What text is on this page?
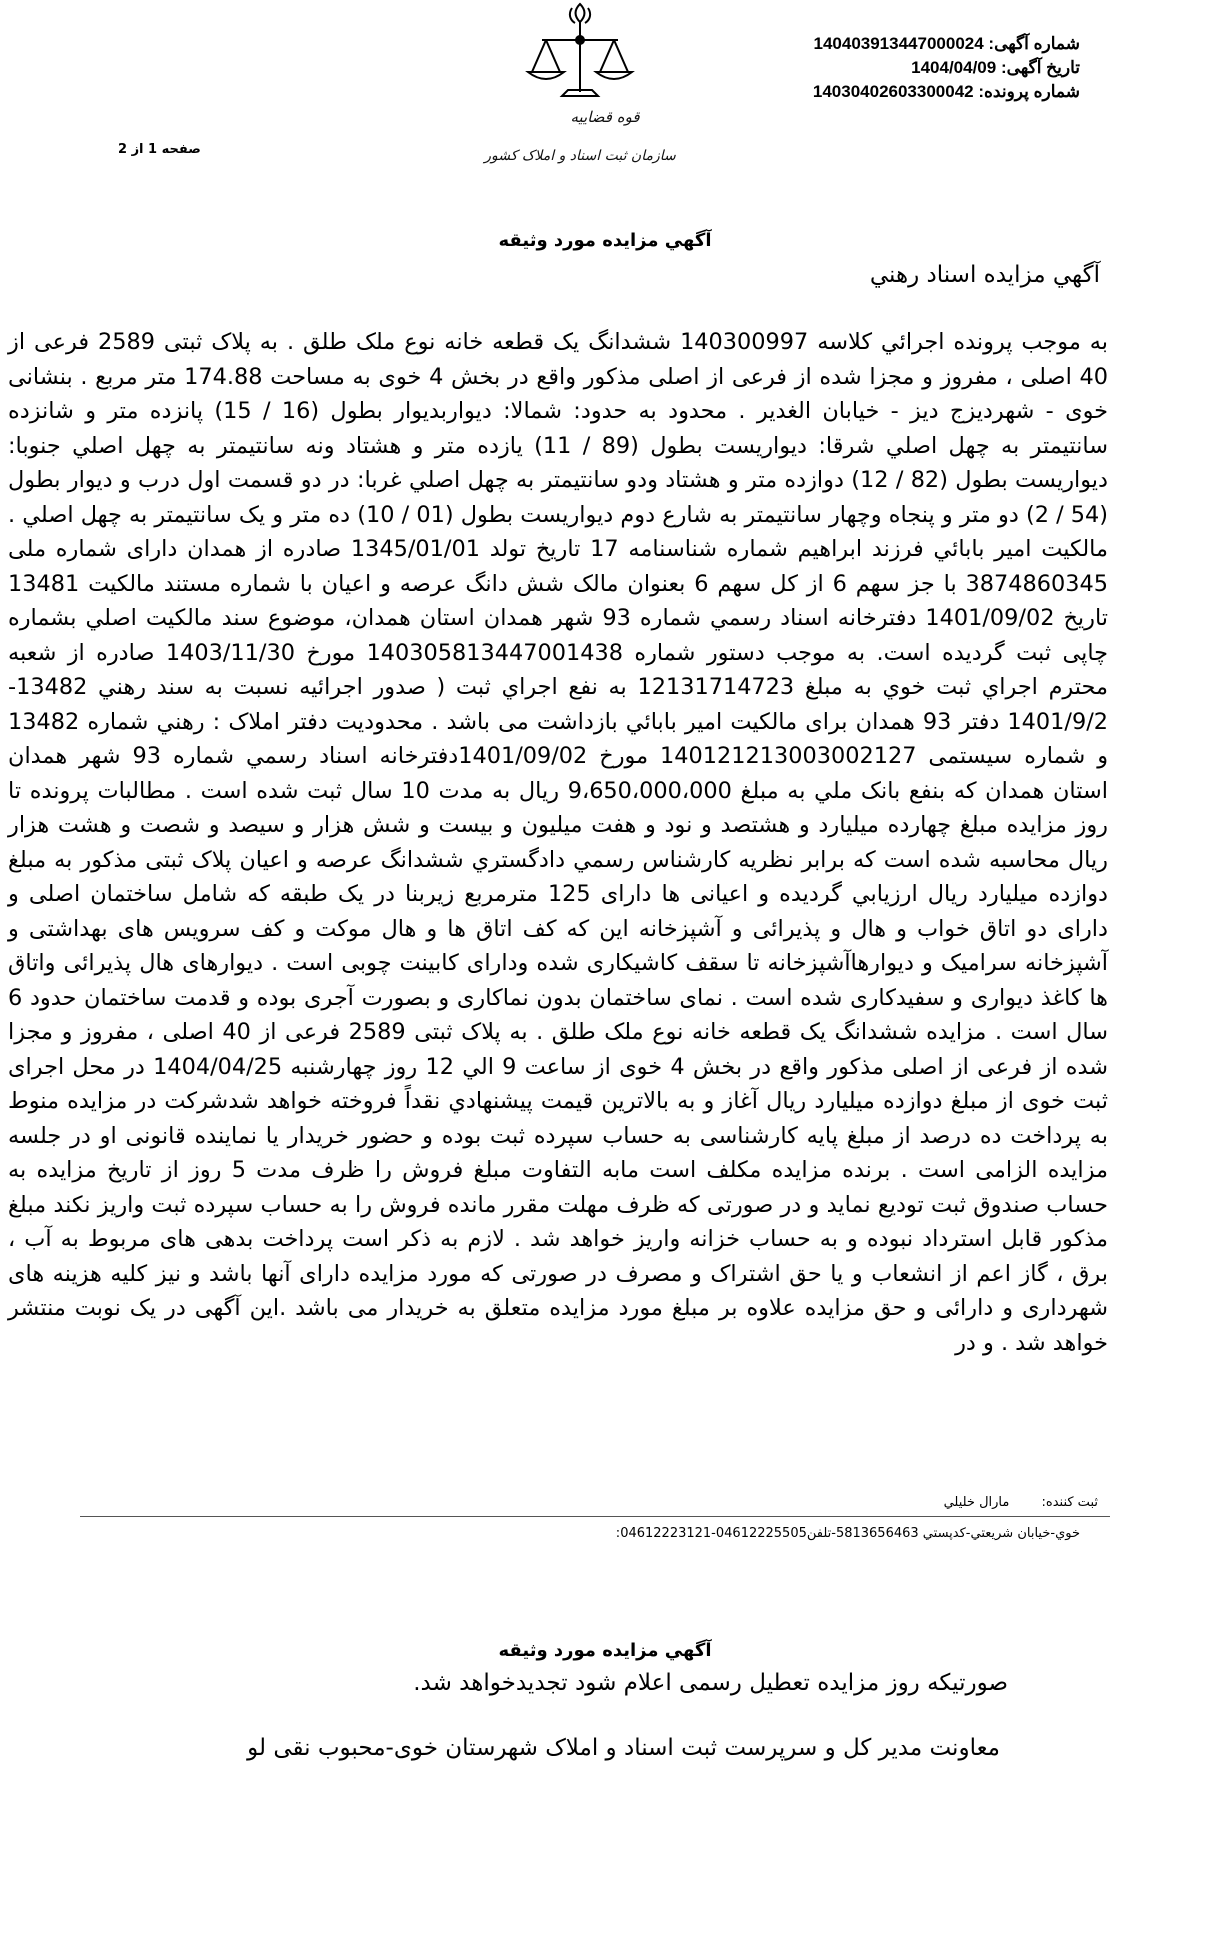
شماره آگهی: 140403913447000024
تاریخ آگهی: 1404/04/09
شماره پرونده: 14030402603300042
قوه قضاییه
سازمان ثبت اسناد و املاک کشور
صفحه 1 از 2
آگهي مزايده مورد وثيقه
آگهي مزايده اسناد رهني
به موجب پرونده اجرائي كلاسه 140300997 ششدانگ يک قطعه خانه نوع ملک طلق . به پلاک ثبتی 2589 فرعی از 40 اصلی ، مفروز و مجزا شده از فرعی از اصلی مذکور واقع در بخش 4 خوی به مساحت 174.88 متر مربع . بنشانی خوی - شهردیزج دیز - خیابان الغدیر . محدود به حدود: شمالا: دیواربدیوار بطول (16 / 15) پانزده متر و شانزده سانتيمتر به چهل اصلي شرقا: ديواريست بطول (89 / 11) يازده متر و هشتاد ونه سانتيمتر به چهل اصلي جنوبا: ديواريست بطول (82 / 12) دوازده متر و هشتاد ودو سانتيمتر به چهل اصلي غربا: در دو قسمت اول درب و ديوار بطول (54 / 2) دو متر و پنجاه وچهار سانتيمتر به شارع دوم ديواريست بطول (01 / 10) ده متر و يک سانتيمتر به چهل اصلي . مالکيت امير بابائي فرزند ابراهيم شماره شناسنامه 17 تاريخ تولد 1345/01/01 صادره از همدان دارای شماره ملی 3874860345 با جز سهم 6 از کل سهم 6 بعنوان مالک شش دانگ عرصه و اعيان با شماره مستند مالکيت 13481 تاريخ 1401/09/02 دفترخانه اسناد رسمي شماره 93 شهر همدان استان همدان، موضوع سند مالکيت اصلي بشماره چاپی ثبت گرديده است. به موجب دستور شماره 140305813447001438 مورخ 1403/11/30 صادره از شعبه محترم اجراي ثبت خوي به مبلغ 12131714723 به نفع اجراي ثبت ( صدور اجرائيه نسبت به سند رهني 13482-1401/9/2 دفتر 93 همدان برای مالکيت امير بابائي بازداشت می باشد . محدوديت دفتر املاک : رهني شماره 13482 و شماره سيستمی 140121213003002127 مورخ 1401/09/02دفترخانه اسناد رسمي شماره 93 شهر همدان استان همدان كه بنفع بانک ملي به مبلغ 9،650،000،000 ريال به مدت 10 سال ثبت شده است . مطالبات پرونده تا روز مزايده مبلغ چهارده ميليارد و هشتصد و نود و هفت ميليون و بيست و شش هزار و سيصد و شصت و هشت هزار ريال محاسبه شده است كه برابر نظريه كارشناس رسمي دادگستري ششدانگ عرصه و اعيان پلاک ثبتی مذكور به مبلغ دوازده ميليارد ريال ارزيابي گرديده و اعيانی ها دارای 125 مترمربع زيربنا در يک طبقه كه شامل ساختمان اصلی و دارای دو اتاق خواب و هال و پذيرائی و آشپزخانه اين كه كف اتاق ها و هال موكت و كف سرويس های بهداشتی و آشپزخانه سراميک و ديوارهاآشپزخانه تا سقف كاشيكاری شده ودارای كابينت چوبی است . ديوارهای هال پذيرائی واتاق ها كاغذ ديواری و سفيدكاری شده است . نمای ساختمان بدون نماكاری و بصورت آجری بوده و قدمت ساختمان حدود 6 سال است . مزايده ششدانگ يک قطعه خانه نوع ملک طلق . به پلاک ثبتی 2589 فرعی از 40 اصلی ، مفروز و مجزا شده از فرعی از اصلی مذكور واقع در بخش 4 خوی از ساعت 9 الي 12 روز چهارشنبه 1404/04/25 در محل اجرای ثبت خوی از مبلغ دوازده ميليارد ريال آغاز و به بالاترين قيمت پيشنهادي نقداً فروخته خواهد شدشركت در مزايده منوط به پرداخت ده درصد از مبلغ پايه كارشناسی به حساب سپرده ثبت بوده و حضور خريدار يا نماينده قانونی او در جلسه مزايده الزامی است . برنده مزايده مكلف است مابه التفاوت مبلغ فروش را ظرف مدت 5 روز از تاريخ مزايده به حساب صندوق ثبت توديع نمايد و در صورتی كه ظرف مهلت مقرر مانده فروش را به حساب سپرده ثبت واريز نكند مبلغ مذكور قابل استرداد نبوده و به حساب خزانه واريز خواهد شد . لازم به ذكر است پرداخت بدهی های مربوط به آب ، برق ، گاز اعم از انشعاب و يا حق اشتراک و مصرف در صورتی كه مورد مزايده دارای آنها باشد و نيز كليه هزينه های شهرداری و دارائی و حق مزايده علاوه بر مبلغ مورد مزايده متعلق به خريدار می باشد .اين آگهی در يک نوبت منتشر خواهد شد . و در
ثبت كننده: مارال خليلي
خوي-خيابان شريعتي-كدپستي 5813656463-تلفن04612225505-04612223121:
آگهي مزايده مورد وثيقه
صورتيكه روز مزايده تعطيل رسمی اعلام شود تجديدخواهد شد.
معاونت مدير كل و سرپرست ثبت اسناد و املاک شهرستان خوی-محبوب نقی لو
